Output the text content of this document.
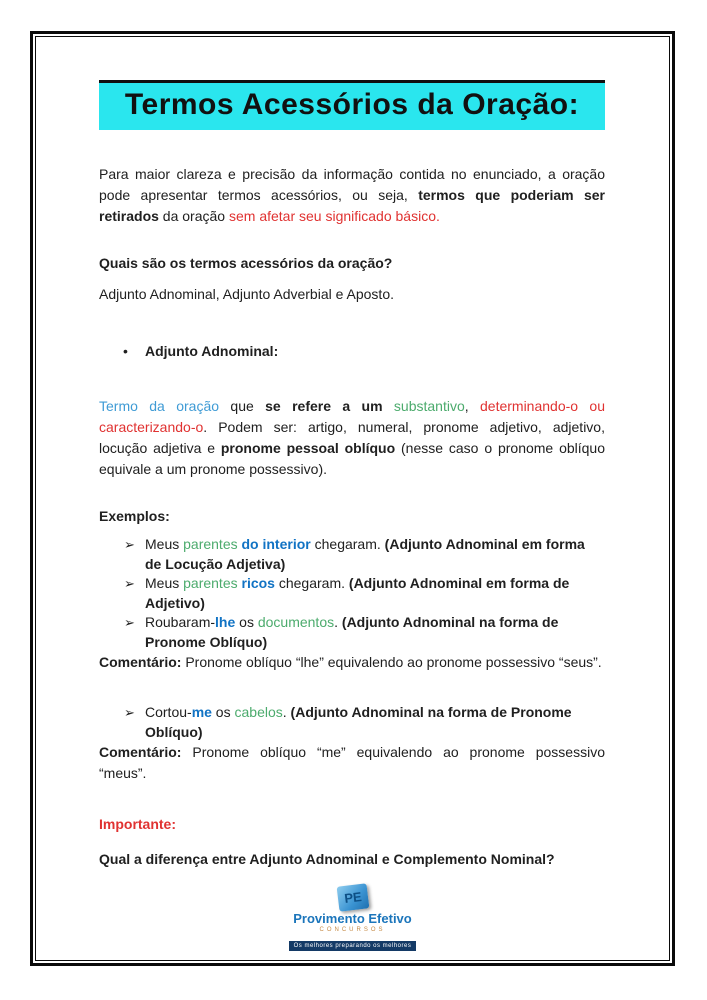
Termos Acessórios da Oração:

Para maior clareza e precisão da informação contida no enunciado, a oração pode apresentar termos acessórios, ou seja, termos que poderiam ser retirados da oração sem afetar seu significado básico.

Quais são os termos acessórios da oração?

Adjunto Adnominal, Adjunto Adverbial e Aposto.

• Adjunto Adnominal:

Termo da oração que se refere a um substantivo, determinando-o ou caracterizando-o. Podem ser: artigo, numeral, pronome adjetivo, adjetivo, locução adjetiva e pronome pessoal oblíquo (nesse caso o pronome oblíquo equivale a um pronome possessivo).

Exemplos:

➢ Meus parentes do interior chegaram. (Adjunto Adnominal em forma de Locução Adjetiva)
➢ Meus parentes ricos chegaram. (Adjunto Adnominal em forma de Adjetivo)
➢ Roubaram-lhe os documentos. (Adjunto Adnominal na forma de Pronome Oblíquo)

Comentário: Pronome oblíquo “lhe” equivalendo ao pronome possessivo “seus”.

➢ Cortou-me os cabelos. (Adjunto Adnominal na forma de Pronome Oblíquo)

Comentário: Pronome oblíquo “me” equivalendo ao pronome possessivo “meus”.

Importante:

Qual a diferença entre Adjunto Adnominal e Complemento Nominal?

PE
Provimento Efetivo
CONCURSOS
Os melhores preparando os melhores
